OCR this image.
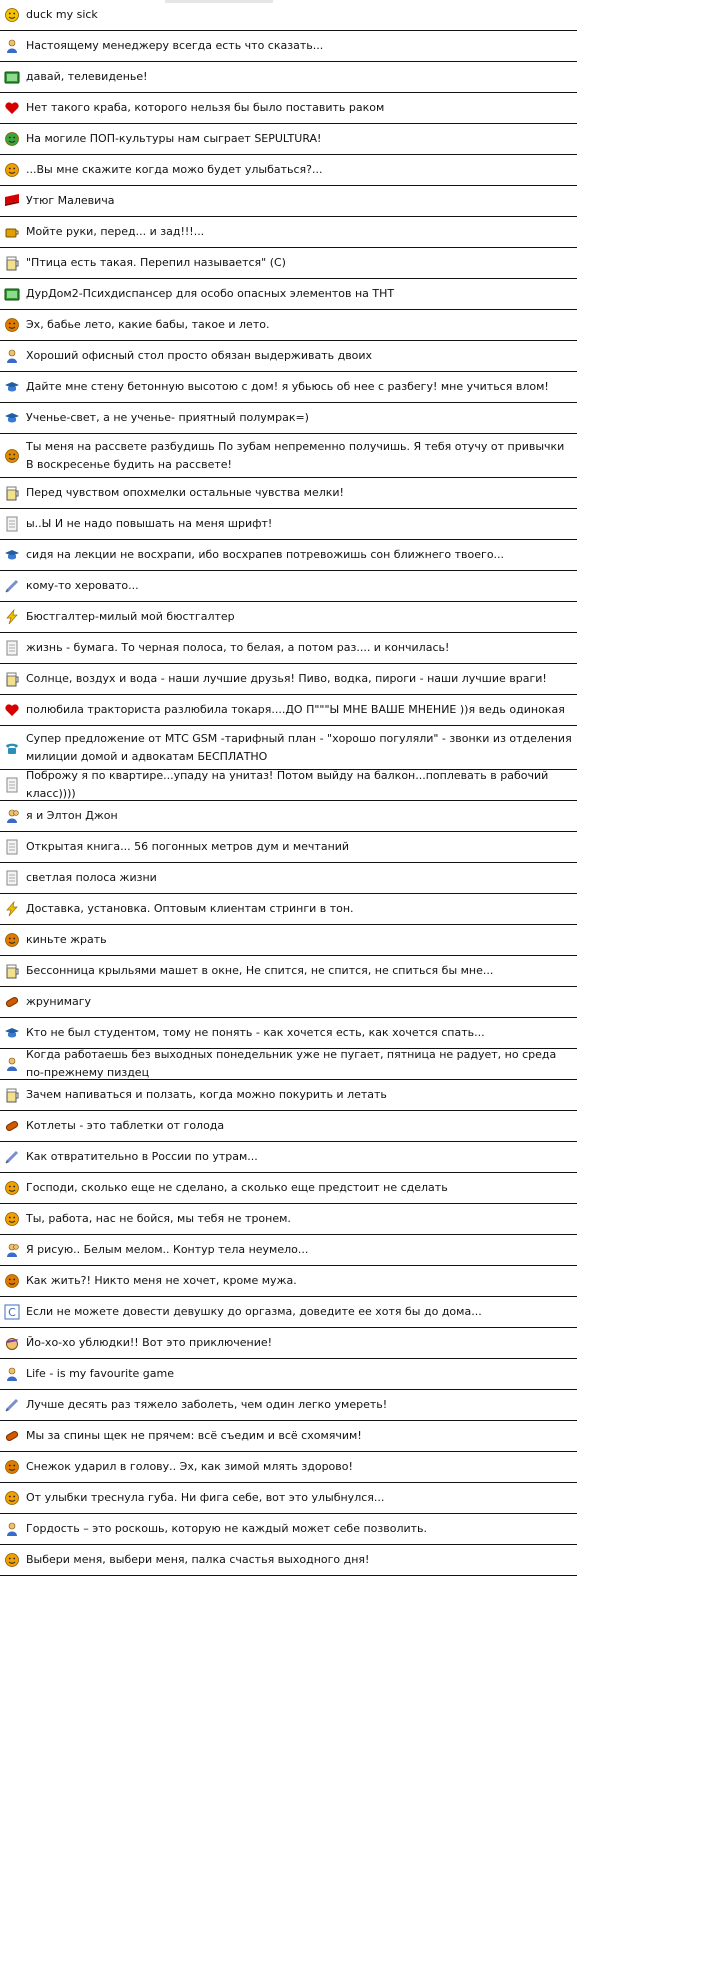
duck my sick
Настоящему менеджеру всегда есть что сказать...
давай, телевиденье!
Нет такого краба, которого нельзя бы было поставить раком
На могиле ПОП-культуры нам сыграет SEPULTURA!
...Вы мне скажите когда можо будет улыбаться?...
Утюг Малевича
Мойте руки, перед... и зад!!!...
"Птица есть такая. Перепил называется" (С)
ДурДом2-Психдиспансер для особо опасных элементов на ТНТ
Эх, бабье лето, какие бабы, такое и лето.
Хороший офисный стол просто обязан выдерживать двоих
Дайте мне стену бетонную высотою с дом! я убьюсь об нее с разбегу! мне учиться влом!
Ученье-свет, а не ученье- приятный полумрак=)
Ты меня на рассвете разбудишь По зубам непременно получишь. Я тебя отучу от привычки В воскресенье будить на рассвете!
Перед чувством опохмелки остальные чувства мелки!
ы..Ы И не надо повышать на меня шрифт!
сидя на лекции не восхрапи, ибо восхрапев потревожишь сон ближнего твоего...
кому-то херовато...
Бюстгалтер-милый мой бюстгалтер
жизнь - бумага. То черная полоса, то белая, а потом раз.... и кончилась!
Солнце, воздух и вода - наши лучшие друзья! Пиво, водка, пироги - наши лучшие враги!
полюбила тракториста разлюбила токаря....ДО П"""Ы МНЕ ВАШЕ МНЕНИЕ ))я ведь одинокая
Супер предложение от МТС GSM -тарифный план - "хорошо погуляли" - звонки из отделения милиции домой и адвокатам БЕСПЛАТНО
Поброжу я по квартире...упаду на унитаз! Потом выйду на балкон...поплевать в рабочий класс))))
я и Элтон Джон
Открытая книга... 56 погонных метров дум и мечтаний
светлая полоса жизни
Доставка, установка. Оптовым клиентам стринги в тон.
киньте жрать
Бессонница крыльями машет в окне, Не спится, не спится, не спиться бы мне...
жрунимагу
Кто не был студентом, тому не понять - как хочется есть, как хочется спать...
Когда работаешь без выходных понедельник уже не пугает, пятница не радует, но среда по-прежнему пиздец
Зачем напиваться и ползать, когда можно покурить и летать
Котлеты - это таблетки от голода
Как отвратительно в России по утрам...
Господи, сколько еще не сделано, а сколько еще предстоит не сделать
Ты, работа, нас не бойся, мы тебя не тронем.
Я рисую.. Белым мелом.. Контур тела неумело...
Как жить?! Никто меня не хочет, кроме мужа.
C Если не можете довести девушку до оргазма, доведите ее хотя бы до дома...
Йо-хо-хо ублюдки!! Вот это приключение!
Life - is my favourite game
Лучше десять раз тяжело заболеть, чем один легко умереть!
Мы за спины щек не прячем: всё съедим и всё схомячим!
Снежок ударил в голову.. Эх, как зимой млять здорово!
От улыбки треснула губа. Ни фига себе, вот это улыбнулся...
Гордость – это роскошь, которую не каждый может себе позволить.
Выбери меня, выбери меня, палка счастья выходного дня!
